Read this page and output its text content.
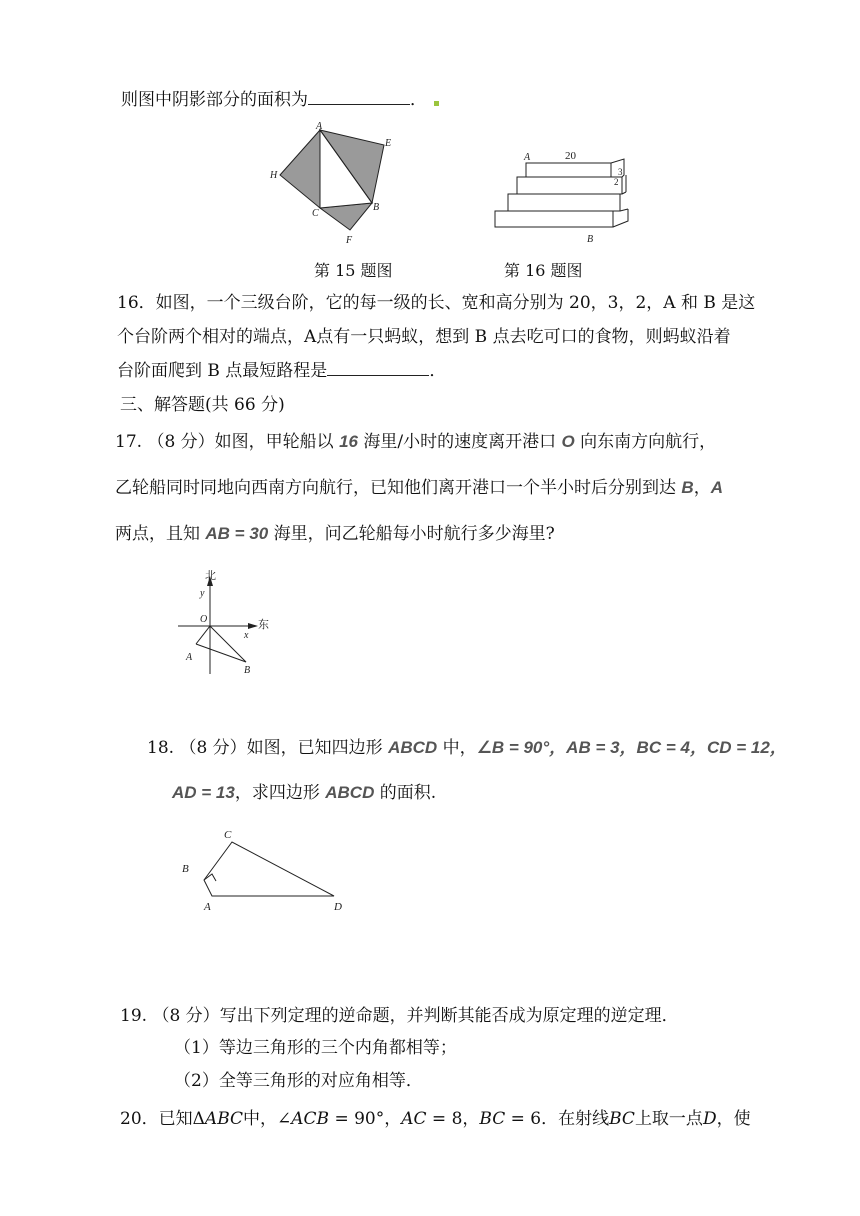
则图中阴影部分的面积为	．
A
E
H
C
B
F
A	20
3
2
B
第 15 题图	第 16 题图
16．如图，一个三级台阶，它的每一级的长、宽和高分别为 20，3，2，A 和 B 是这
个台阶两个相对的端点，A点有一只蚂蚁，想到 B 点去吃可口的食物，则蚂蚁沿着
台阶面爬到 B 点最短路程是	．
三、解答题(共 66 分)
17. （8 分）如图，甲轮船以 16 海里/小时的速度离开港口 O 向东南方向航行，
乙轮船同时同地向西南方向航行，已知他们离开港口一个半小时后分别到达 B，A
两点，且知 AB = 30 海里，问乙轮船每小时航行多少海里?
北
y
O	东
x
A
B
18. （8 分）如图，已知四边形 ABCD 中，∠B = 90°，AB = 3，BC = 4，CD = 12，
AD = 13，求四边形 ABCD 的面积.
C
B
A	D
19. （8 分）写出下列定理的逆命题，并判断其能否成为原定理的逆定理．
（1）等边三角形的三个内角都相等；
（2）全等三角形的对应角相等．
20．已知ΔABC中，∠ACB = 90°，AC = 8，BC = 6．在射线BC上取一点D，使
